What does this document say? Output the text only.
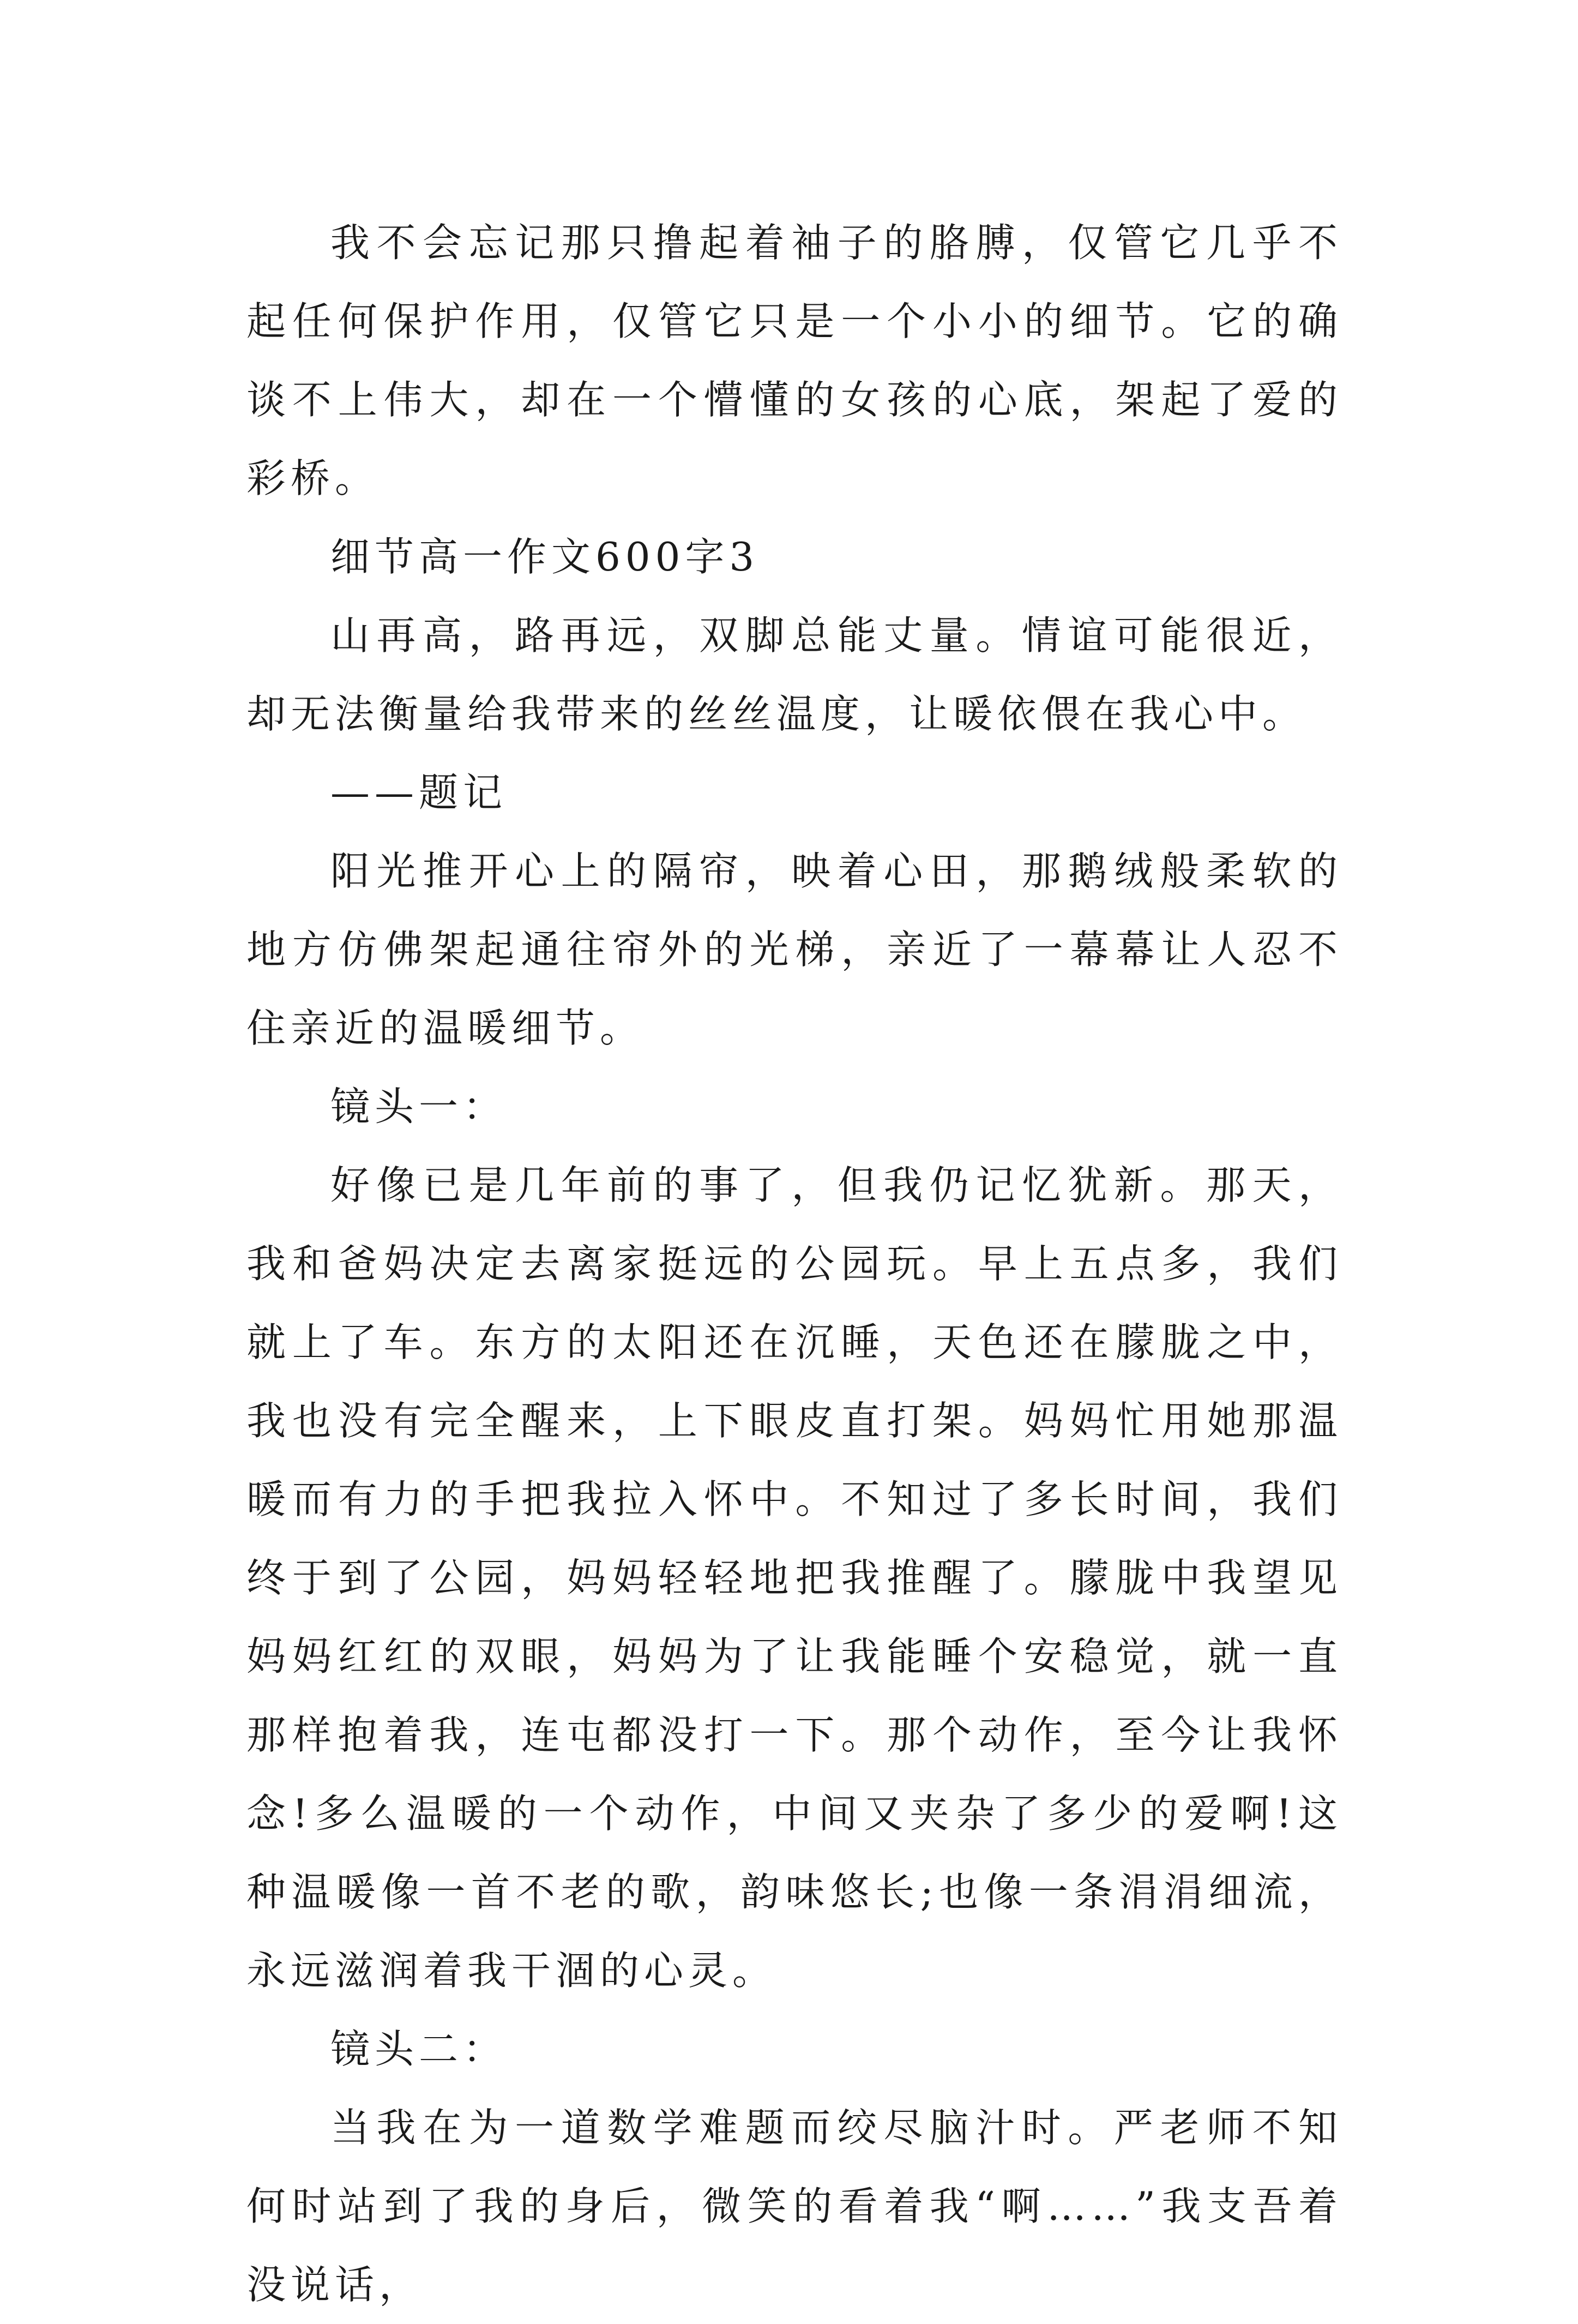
我不会忘记那只撸起着袖子的胳膊，仅管它几乎不起任何保护作用，仅管它只是一个小小的细节。它的确谈不上伟大，却在一个懵懂的女孩的心底，架起了爱的彩桥。

细节高一作文600字3

山再高，路再远，双脚总能丈量。情谊可能很近，却无法衡量给我带来的丝丝温度，让暖依偎在我心中。

——题记

阳光推开心上的隔帘，映着心田，那鹅绒般柔软的地方仿佛架起通往帘外的光梯，亲近了一幕幕让人忍不住亲近的温暖细节。

镜头一：

好像已是几年前的事了，但我仍记忆犹新。那天，我和爸妈决定去离家挺远的公园玩。早上五点多，我们就上了车。东方的太阳还在沉睡，天色还在朦胧之中，我也没有完全醒来，上下眼皮直打架。妈妈忙用她那温暖而有力的手把我拉入怀中。不知过了多长时间，我们终于到了公园，妈妈轻轻地把我推醒了。朦胧中我望见妈妈红红的双眼，妈妈为了让我能睡个安稳觉，就一直那样抱着我，连屯都没打一下。那个动作，至今让我怀念!多么温暖的一个动作，中间又夹杂了多少的爱啊!这种温暖像一首不老的歌，韵味悠长;也像一条涓涓细流，永远滋润着我干涸的心灵。

镜头二：

当我在为一道数学难题而绞尽脑汁时。严老师不知何时站到了我的身后，微笑的看着我“啊……”我支吾着没说话，
